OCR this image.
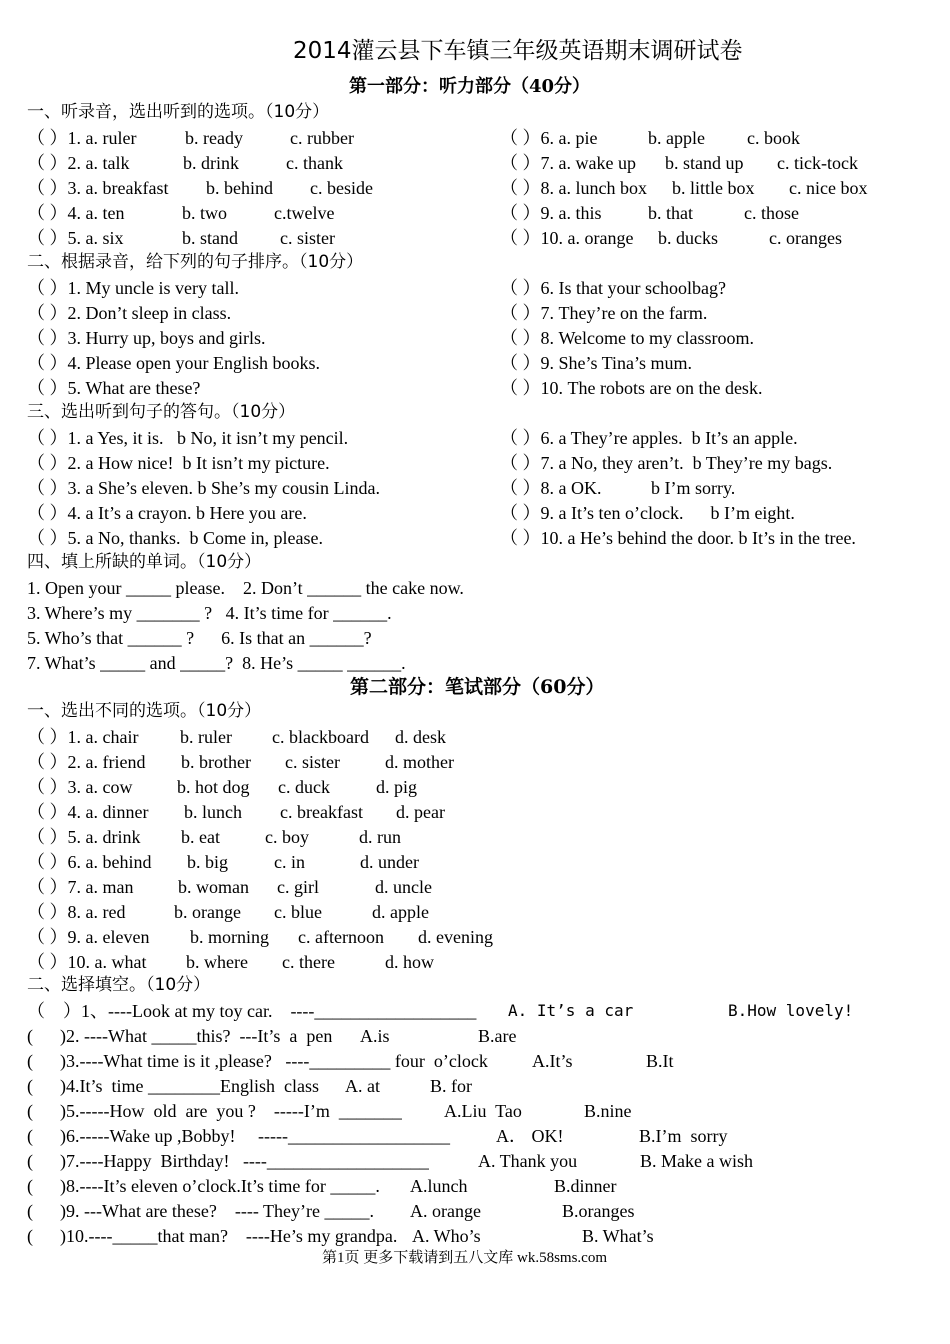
2014灌云县下车镇三年级英语期末调研试卷
第一部分：听力部分（40分）
一、听录音，选出听到的选项。（10分）
（ ）1. a. ruler	b. ready	c. rubber
（ ）2. a. talk	b. drink	c. thank
（ ）3. a. breakfast b. behind c. beside
（ ）4. a. ten	b. two	c.twelve
（ ）5. a. six	b. stand c. sister
（ ）6. a. pie	b. apple c. book
（ ）7. a. wake up b. stand up c. tick-tock
（ ）8. a. lunch box b. little box c. nice box
（ ）9. a. this	b. that	c. those
（ ）10. a. orange b. ducks	c. oranges
二、根据录音，给下列的句子排序。（10分）
（ ）1. My uncle is very tall.
（ ）2. Don’t sleep in class.
（ ）3. Hurry up, boys and girls.
（ ）4. Please open your English books.
（ ）5. What are these?
（ ）6. Is that your schoolbag?
（ ）7. They’re on the farm.
（ ）8. Welcome to my classroom.
（ ）9. She’s Tina’s mum.
（ ）10. The robots are on the desk.
三、选出听到句子的答句。（10分）
（ ）1. a Yes, it is.   b No, it isn’t my pencil.
（ ）2. a How nice!  b It isn’t my picture.
（ ）3. a She’s eleven. b She’s my cousin Linda.
（ ）4. a It’s a crayon. b Here you are.
（ ）5. a No, thanks.  b Come in, please.
（ ）6. a They’re apples.  b It’s an apple.
（ ）7. a No, they aren’t.  b They’re my bags.
（ ）8. a OK.           b I’m sorry.
（ ）9. a It’s ten o’clock.      b I’m eight.
（ ）10. a He’s behind the door. b It’s in the tree.
四、填上所缺的单词。（10分）
1. Open your _____ please.    2. Don’t ______ the cake now.
3. Where’s my _______ ?   4. It’s time for ______.
5. Who’s that ______ ?      6. Is that an ______?
7. What’s _____ and _____?  8. He’s _____ ______.
第二部分：笔试部分（60分）
一、选出不同的选项。（10分）
（ ）1. a. chair b. ruler c. blackboard d. desk
（ ）2. a. friend b. brother c. sister	d. mother
（ ）3. a. cow b. hot dog c. duck	d. pig
（ ）4. a. dinner b. lunch c. breakfast d. pear
（ ）5. a. drink b. eat	c. boy	d. run
（ ）6. a. behind b. big	c. in	d. under
（ ）7. a. man b. woman c. girl	d. uncle
（ ）8. a. red	b. orange c. blue	d. apple
（ ）9. a. eleven b. morning c. afternoon d. evening
（ ）10. a. what b. where c. there	d. how
二、选择填空。（10分）
（    ）1、----Look at my toy car.    ----__________________ A. It’s a car	B.How lovely!
(      )2. ----What _____this?  ---It’s  a  pen A.is	B.are
(      )3.----What time is it ,please?   ----_________ four  o’clock A.It’s	B.It
(      )4.It’s  time ________English  class A. at	B. for
(      )5.-----How  old  are  you ?    -----I’m  _______ A.Liu  Tao	B.nine
(      )6.-----Wake up ,Bobby!     -----__________________	A． OK!	B.I’m  sorry
(      )7.----Happy  Birthday!   ----__________________	A. Thank you	B. Make a wish
(      )8.----It’s eleven o’clock.It’s time for _____. A.lunch	B.dinner
(      )9. ---What are these?    ---- They’re _____. A. orange	B.oranges
(      )10.----_____that man?    ----He’s my grandpa. A. Who’s	B. What’s
第1页 更多下载请到五八文库 wk.58sms.com
